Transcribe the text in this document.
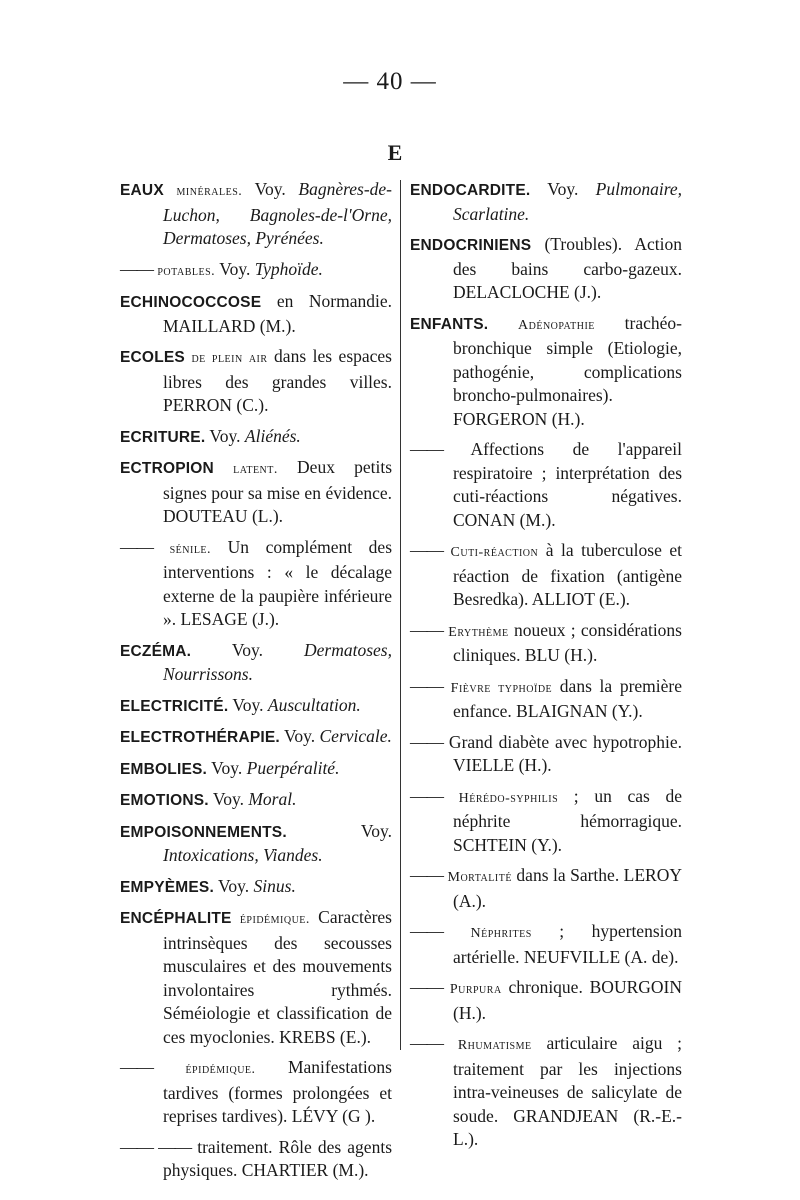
— 40 —
E
EAUX minérales. Voy. Bagnères-de-Luchon, Bagnoles-de-l'Orne, Dermatoses, Pyrénées.
—— potables. Voy. Typhoïde.
ECHINOCOCCOSE en Normandie. MAILLARD (M.).
ECOLES de plein air dans les espaces libres des grandes villes. PERRON (C.).
ECRITURE. Voy. Aliénés.
ECTROPION latent. Deux petits signes pour sa mise en évidence. DOUTEAU (L.).
—— sénile. Un complément des interventions : « le décalage externe de la paupière inférieure ». LESAGE (J.).
ECZÉMA. Voy. Dermatoses, Nourrissons.
ELECTRICITÉ. Voy. Auscultation.
ELECTROTHÉRAPIE. Voy. Cervicale.
EMBOLIES. Voy. Puerpéralité.
EMOTIONS. Voy. Moral.
EMPOISONNEMENTS. Voy. Intoxications, Viandes.
EMPYÈMES. Voy. Sinus.
ENCÉPHALITE épidémique. Caractères intrinsèques des secousses musculaires et des mouvements involontaires rythmés. Séméiologie et classification de ces myoclonies. KREBS (E.).
—— épidémique. Manifestations tardives (formes prolongées et reprises tardives). LÉVY (G ).
—— —— traitement. Rôle des agents physiques. CHARTIER (M.).
ENDOCARDITE. Voy. Pulmonaire, Scarlatine.
ENDOCRINIENS (Troubles). Action des bains carbo-gazeux. DELACLOCHE (J.).
ENFANTS. Adénopathie trachéo-bronchique simple (Etiologie, pathogénie, complications broncho-pulmonaires). FORGERON (H.).
—— Affections de l'appareil respiratoire ; interprétation des cuti-réactions négatives. CONAN (M.).
—— Cuti-réaction à la tuberculose et réaction de fixation (antigène Besredka). ALLIOT (E.).
—— Erythème noueux ; considérations cliniques. BLU (H.).
—— Fièvre typhoïde dans la première enfance. BLAIGNAN (Y.).
—— Grand diabète avec hypotrophie. VIELLE (H.).
—— Hérédo-syphilis ; un cas de néphrite hémorragique. SCHTEIN (Y.).
—— Mortalité dans la Sarthe. LEROY (A.).
—— Néphrites ; hypertension artérielle. NEUFVILLE (A. de).
—— Purpura chronique. BOURGOIN (H.).
—— Rhumatisme articulaire aigu ; traitement par les injections intra-veineuses de salicylate de soude. GRANDJEAN (R.-E.-L.).
